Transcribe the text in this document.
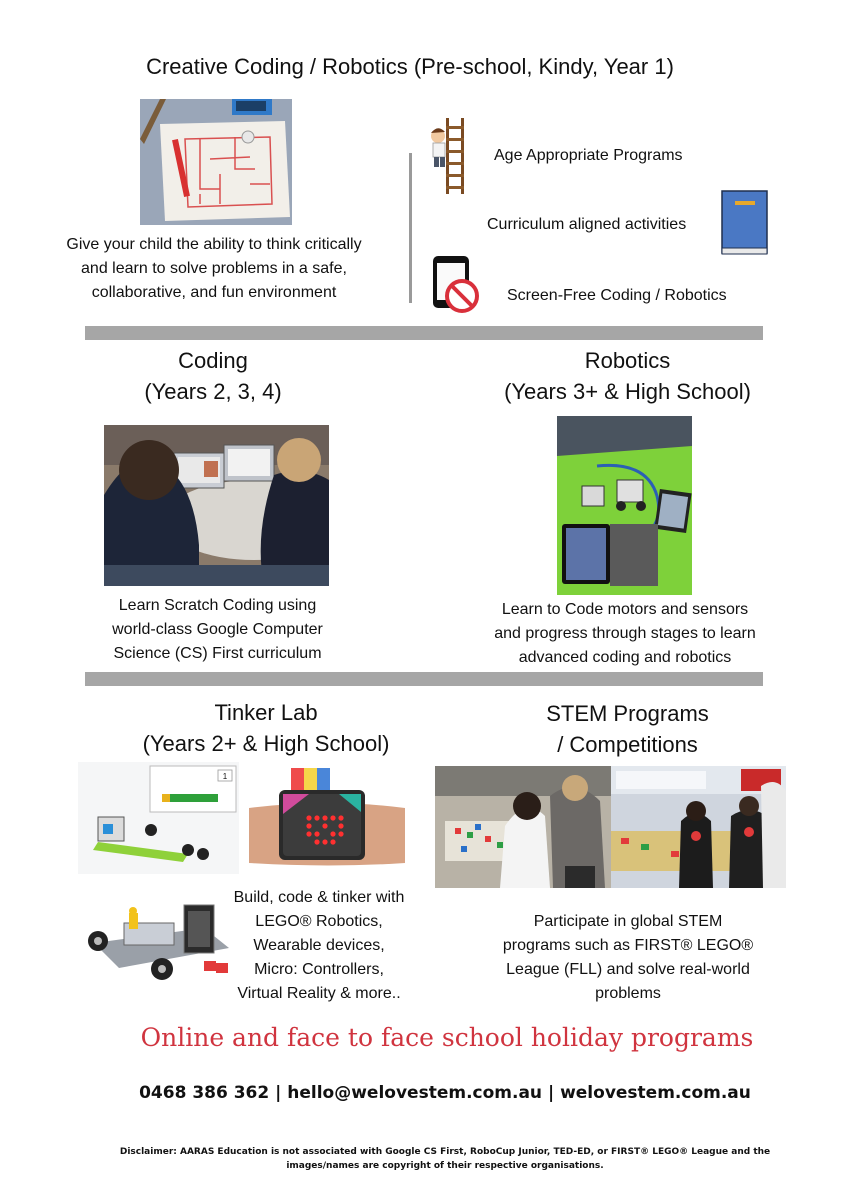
Creative Coding / Robotics (Pre-school, Kindy, Year 1)
Give your child the ability to think critically
and learn to solve problems in a safe,
collaborative, and fun environment
Age Appropriate Programs
Curriculum aligned activities
Screen-Free Coding / Robotics
Coding
(Years 2, 3, 4)
Learn Scratch Coding using
world-class Google Computer
Science (CS) First curriculum
Robotics
(Years 3+ & High School)
Learn to Code motors and sensors
and progress through stages to learn
advanced coding and robotics
Tinker Lab
(Years 2+ & High School)
1
Build, code & tinker with
LEGO® Robotics,
Wearable devices,
Micro: Controllers,
Virtual Reality & more..
STEM Programs
/ Competitions
Participate in global STEM
programs such as FIRST® LEGO®
League (FLL) and solve real-world
problems
Online and face to face school holiday programs
0468 386 362 | hello@welovestem.com.au | welovestem.com.au
Disclaimer: AARAS Education is not associated with Google CS First, RoboCup Junior, TED-ED, or FIRST® LEGO® League and the
images/names are copyright of their respective organisations.
